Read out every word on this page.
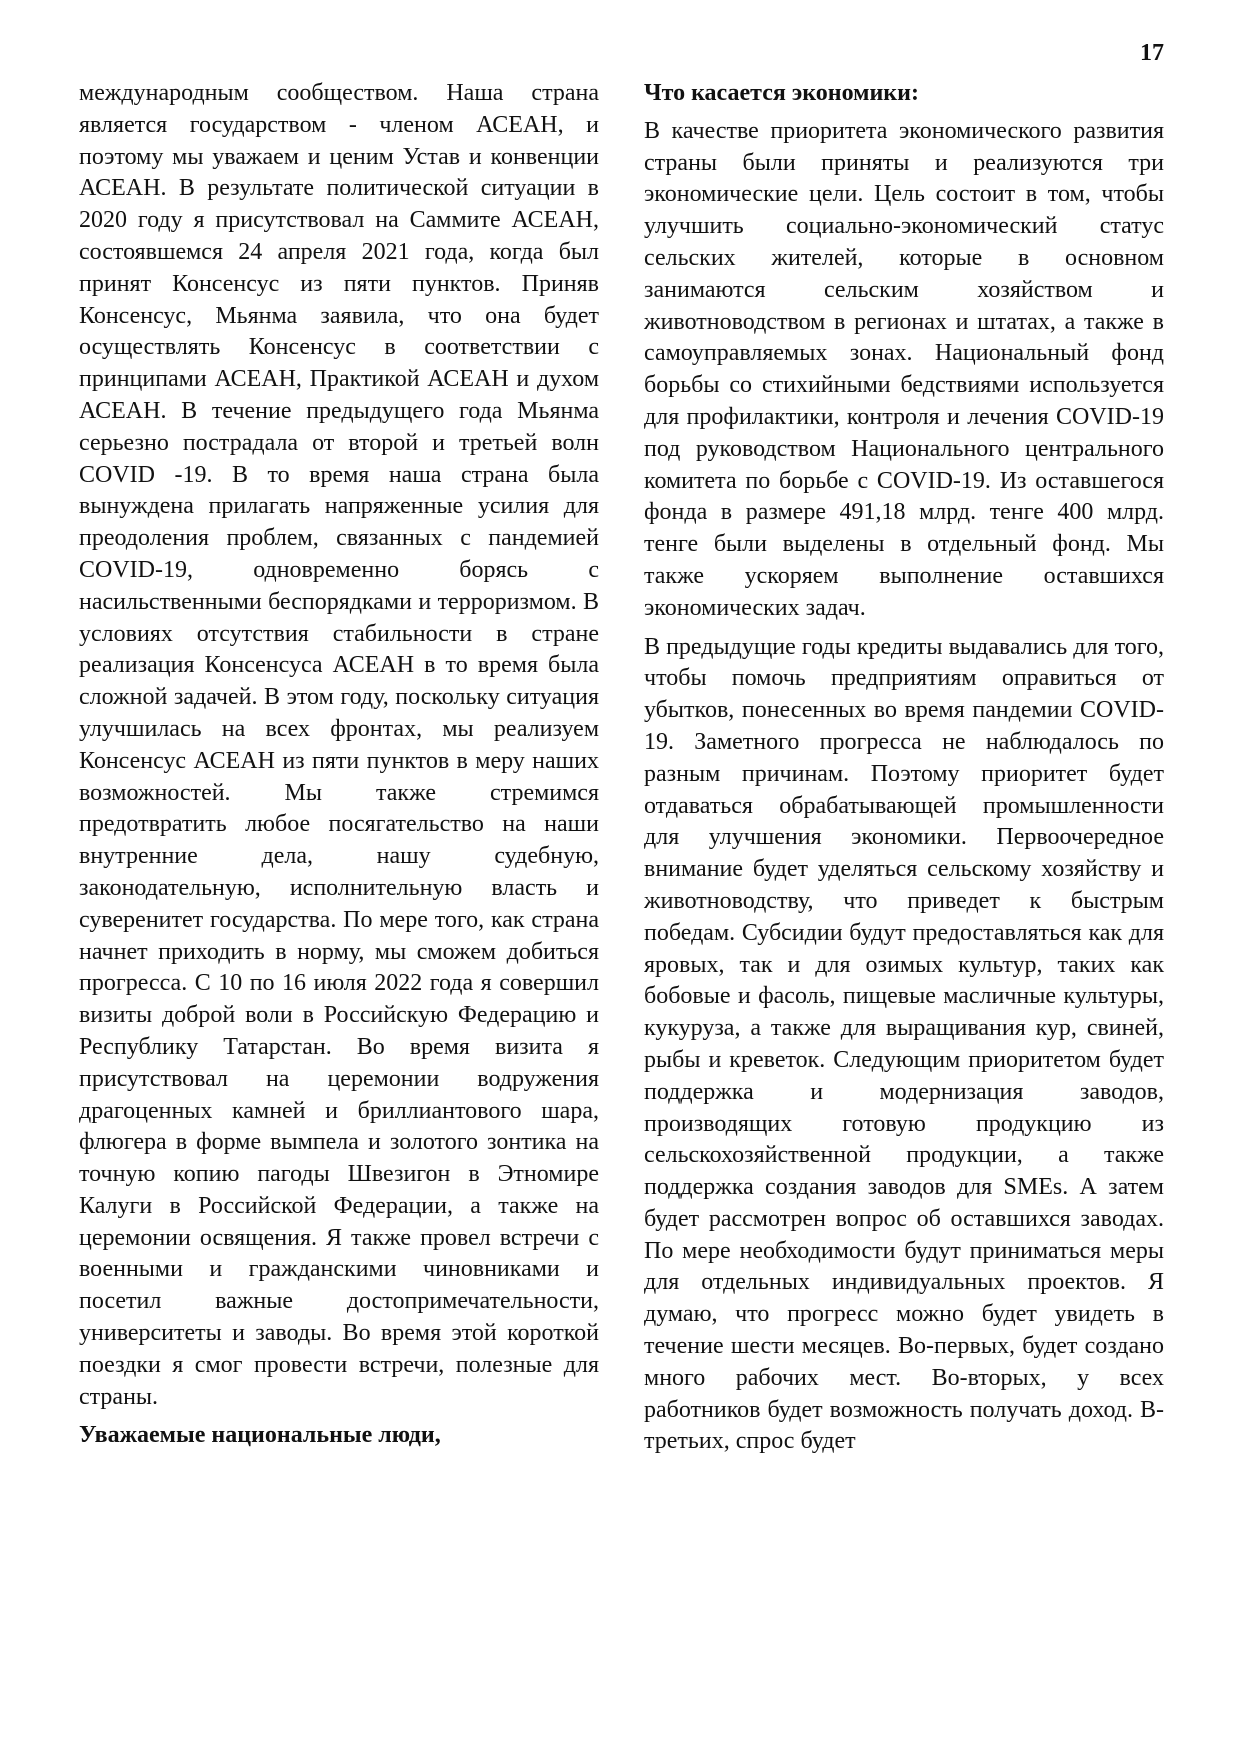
17

международным сообществом. Наша страна является государством - членом АСЕАН, и поэтому мы уважаем и ценим Устав и конвенции АСЕАН. В результате политической ситуации в 2020 году я присутствовал на Саммите АСЕАН, состоявшемся 24 апреля 2021 года, когда был принят Консенсус из пяти пунктов. Приняв Консенсус, Мьянма заявила, что она будет осуществлять Консенсус в соответствии с принципами АСЕАН, Практикой АСЕАН и духом АСЕАН. В течение предыдущего года Мьянма серьезно пострадала от второй и третьей волн COVID -19. В то время наша страна была вынуждена прилагать напряженные усилия для преодоления проблем, связанных с пандемией COVID-19, одновременно борясь с насильственными беспорядками и терроризмом. В условиях отсутствия стабильности в стране реализация Консенсуса АСЕАН в то время была сложной задачей. В этом году, поскольку ситуация улучшилась на всех фронтах, мы реализуем Консенсус АСЕАН из пяти пунктов в меру наших возможностей. Мы также стремимся предотвратить любое посягательство на наши внутренние дела, нашу судебную, законодательную, исполнительную власть и суверенитет государства. По мере того, как страна начнет приходить в норму, мы сможем добиться прогресса. С 10 по 16 июля 2022 года я совершил визиты доброй воли в Российскую Федерацию и Республику Татарстан. Во время визита я присутствовал на церемонии водружения драгоценных камней и бриллиантового шара, флюгера в форме вымпела и золотого зонтика на точную копию пагоды Швезигон в Этномире Калуги в Российской Федерации, а также на церемонии освящения. Я также провел встречи с военными и гражданскими чиновниками и посетил важные достопримечательности, университеты и заводы. Во время этой короткой поездки я смог провести встречи, полезные для страны.

Уважаемые национальные люди,

Что касается экономики:

В качестве приоритета экономического развития страны были приняты и реализуются три экономические цели. Цель состоит в том, чтобы улучшить социально-экономический статус сельских жителей, которые в основном занимаются сельским хозяйством и животноводством в регионах и штатах, а также в самоуправляемых зонах. Национальный фонд борьбы со стихийными бедствиями используется для профилактики, контроля и лечения COVID-19 под руководством Национального центрального комитета по борьбе с COVID-19. Из оставшегося фонда в размере 491,18 млрд. тенге 400 млрд. тенге были выделены в отдельный фонд. Мы также ускоряем выполнение оставшихся экономических задач.

В предыдущие годы кредиты выдавались для того, чтобы помочь предприятиям оправиться от убытков, понесенных во время пандемии COVID-19. Заметного прогресса не наблюдалось по разным причинам. Поэтому приоритет будет отдаваться обрабатывающей промышленности для улучшения экономики. Первоочередное внимание будет уделяться сельскому хозяйству и животноводству, что приведет к быстрым победам. Субсидии будут предоставляться как для яровых, так и для озимых культур, таких как бобовые и фасоль, пищевые масличные культуры, кукуруза, а также для выращивания кур, свиней, рыбы и креветок. Следующим приоритетом будет поддержка и модернизация заводов, производящих готовую продукцию из сельскохозяйственной продукции, а также поддержка создания заводов для SMEs. А затем будет рассмотрен вопрос об оставшихся заводах. По мере необходимости будут приниматься меры для отдельных индивидуальных проектов. Я думаю, что прогресс можно будет увидеть в течение шести месяцев. Во-первых, будет создано много рабочих мест. Во-вторых, у всех работников будет возможность получать доход. В-третьих, спрос будет
